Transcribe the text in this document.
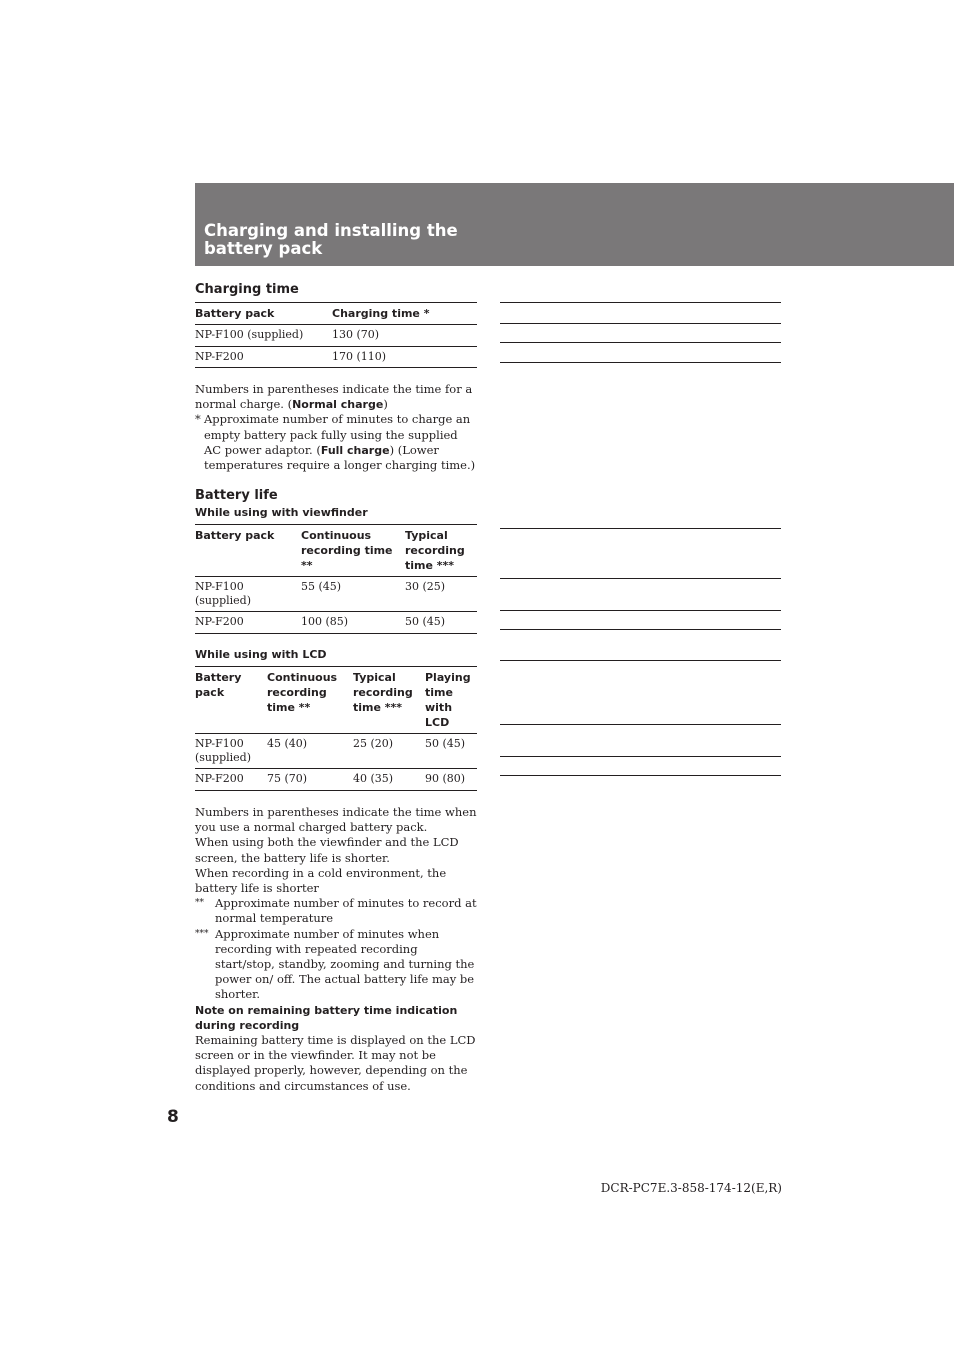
Charging and installing the
battery pack
Charging time
Battery pack	Charging time *
NP-F100 (supplied)	130 (70)
NP-F200	170 (110)

Numbers in parentheses indicate the time for a normal charge. (Normal charge)

* Approximate number of minutes to charge an empty battery pack fully using the supplied AC power adaptor. (Full charge) (Lower temperatures require a longer charging time.)
Battery life
While using with viewfinder
Battery pack	Continuous recording time **	Typical recording time ***
NP-F100 (supplied)	55 (45)	30 (25)
NP-F200	100 (85)	50 (45)
While using with LCD
Battery pack	Continuous recording time **	Typical recording time ***	Playing time with LCD
NP-F100 (supplied)	45 (40)	25 (20)	50 (45)
NP-F200	75 (70)	40 (35)	90 (80)

Numbers in parentheses indicate the time when you use a normal charged battery pack.

When using both the viewfinder and the LCD screen, the battery life is shorter.

When recording in a cold environment, the battery life is shorter

** Approximate number of minutes to record at normal temperature
*** Approximate number of minutes when recording with repeated recording start/stop, standby, zooming and turning the power on/ off. The actual battery life may be shorter.
Note on remaining battery time indication during recording

Remaining battery time is displayed on the LCD screen or in the viewfinder. It may not be displayed properly, however, depending on the conditions and circumstances of use.

8

DCR-PC7E.3-858-174-12(E,R)
